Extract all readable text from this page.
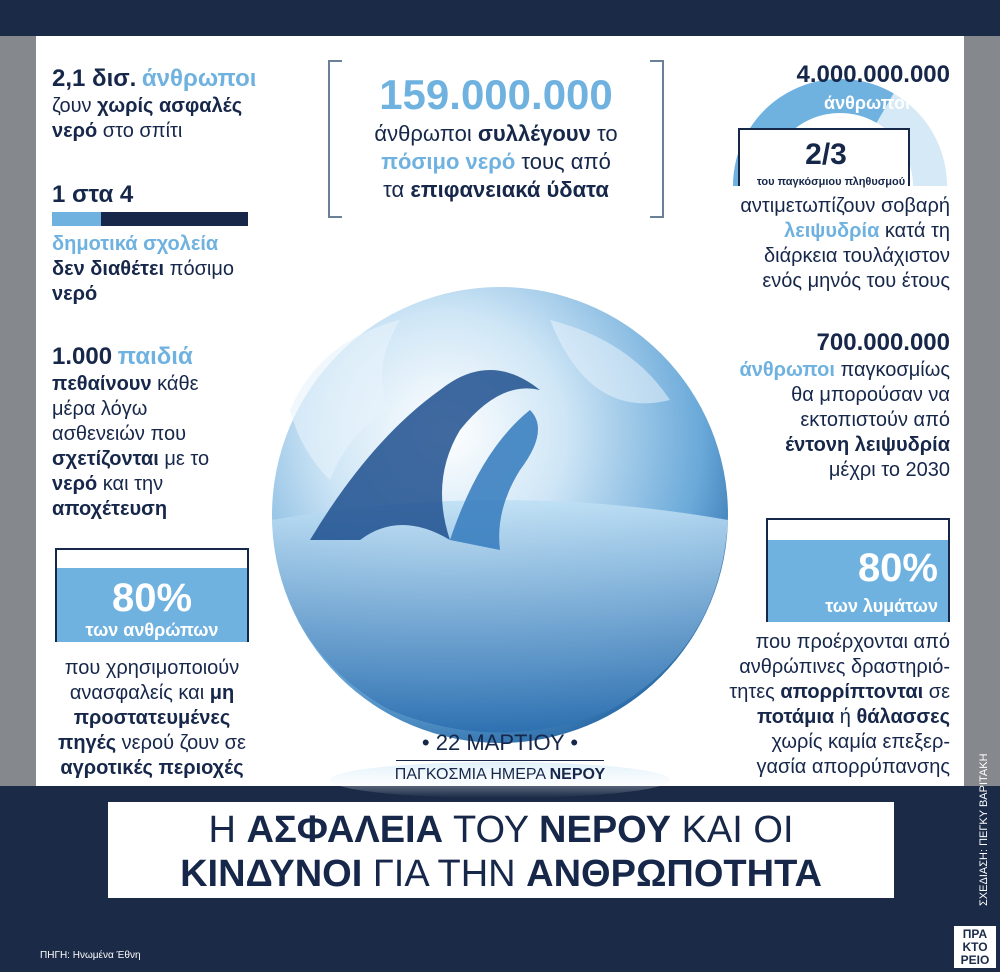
2,1 δισ. άνθρωποι
ζουν χωρίς ασφαλές
νερό στο σπίτι
1 στα 4
δημοτικά σχολεία
δεν διαθέτει πόσιμο
νερό
1.000 παιδιά
πεθαίνουν κάθε
μέρα λόγω
ασθενειών που
σχετίζονται με το
νερό και την
αποχέτευση
80%
των ανθρώπων
που χρησιμοποιούν
ανασφαλείς και μη
προστατευμένες
πηγές νερού ζουν σε
αγροτικές περιοχές
159.000.000
άνθρωποι συλλέγουν το
πόσιμο νερό τους από
τα επιφανειακά ύδατα
4.000.000.000
άνθρωποι
2/3
του παγκόσμιου πληθυσμού
αντιμετωπίζουν σοβαρή
λειψυδρία κατά τη
διάρκεια τουλάχιστον
ενός μηνός του έτους
700.000.000
άνθρωποι παγκοσμίως
θα μπορούσαν να
εκτοπιστούν από
έντονη λειψυδρία
μέχρι το 2030
80%
των λυμάτων
που προέρχονται από
ανθρώπινες δραστηριό-
τητες απορρίπτονται σε
ποτάμια ή θάλασσες
χωρίς καμία επεξερ-
γασία απορρύπανσης
• 22 ΜΑΡΤΙΟΥ •
ΠΑΓΚΟΣΜΙΑ ΗΜΕΡΑ ΝΕΡΟΥ
Η ΑΣΦΑΛΕΙΑ ΤΟΥ ΝΕΡΟΥ ΚΑΙ ΟΙ
ΚΙΝΔΥΝΟΙ ΓΙΑ ΤΗΝ ΑΝΘΡΩΠΟΤΗΤΑ
ΠΗΓΗ: Ηνωμένα Έθνη
ΣΧΕΔΙΑΣΗ: ΠΕΓΚΥ ΒΑΡΙΤΑΚΗ
ΠΡΑ ΚΤΟ ΡΕΙΟ
